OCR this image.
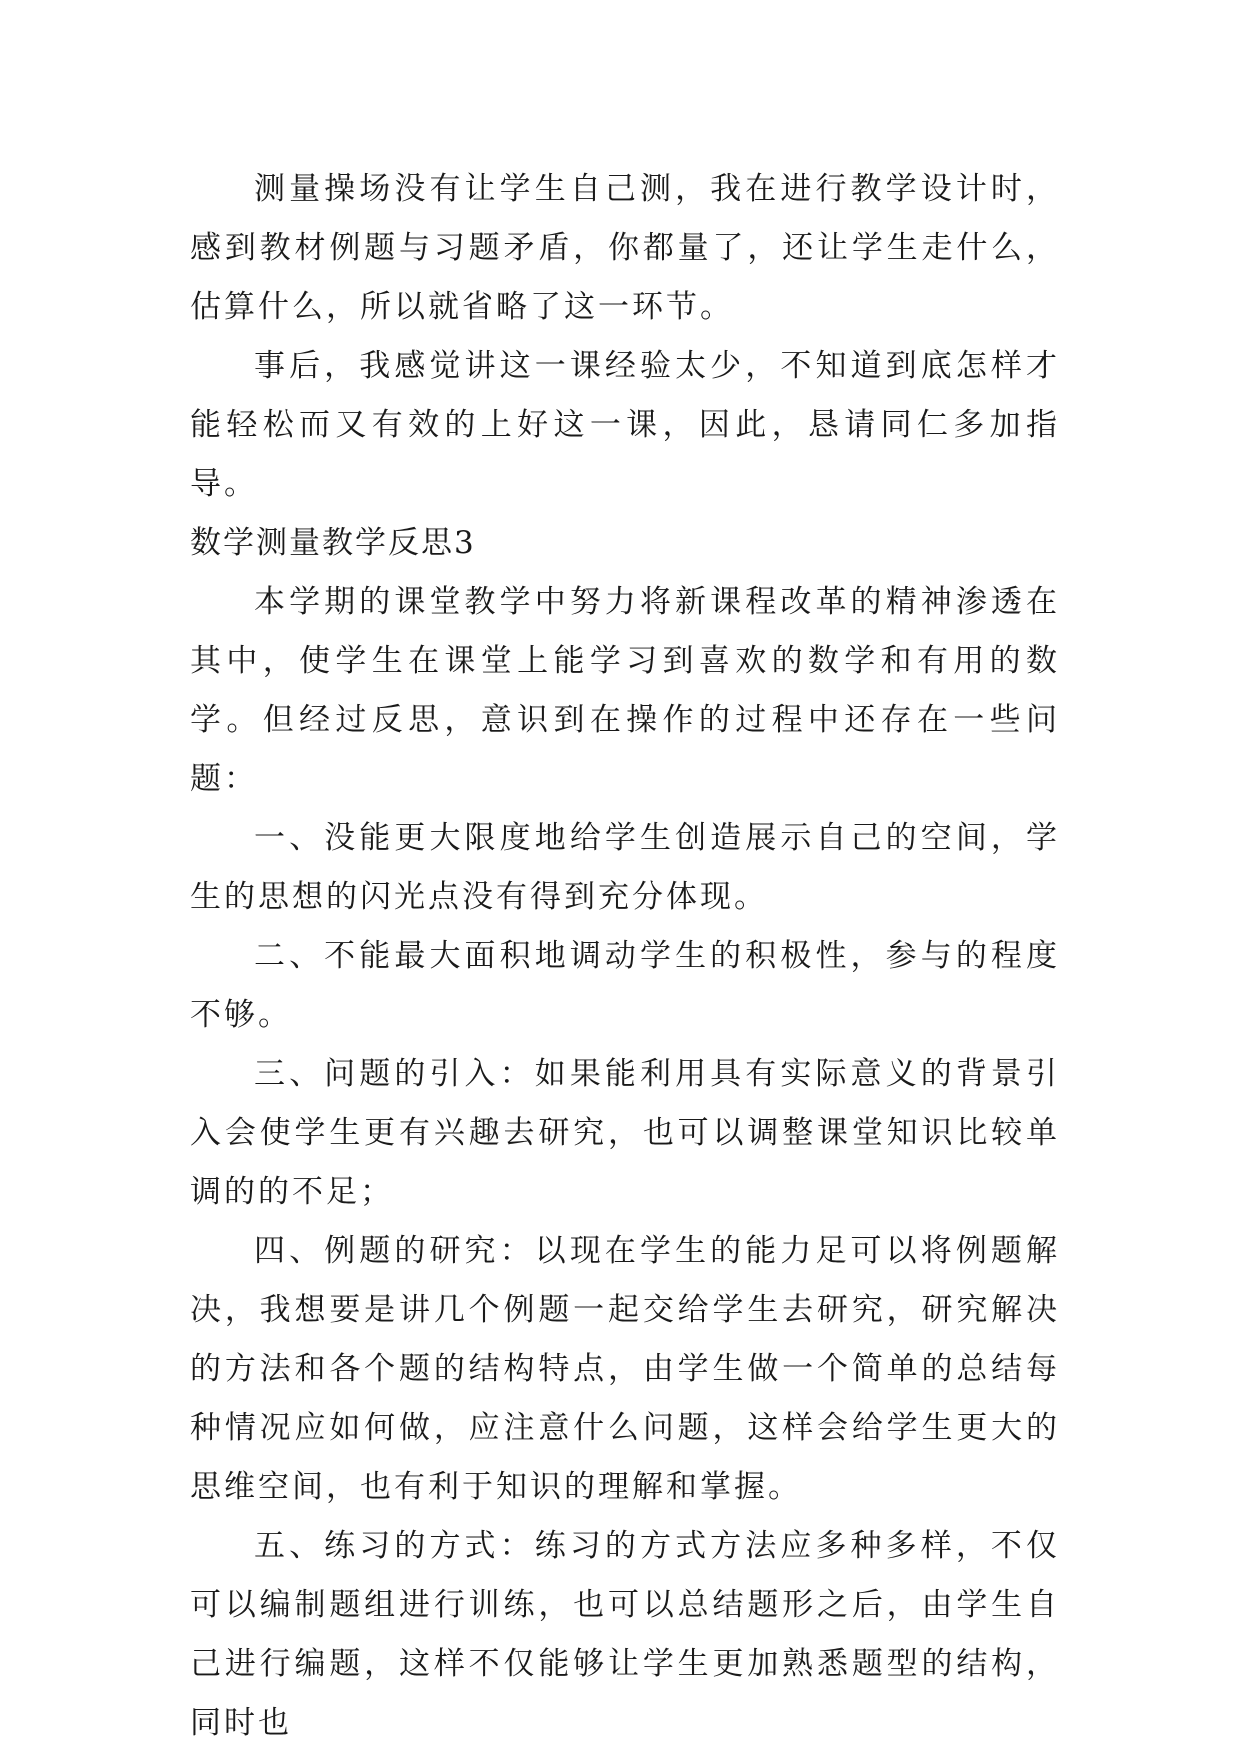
测量操场没有让学生自己测，我在进行教学设计时，感到教材例题与习题矛盾，你都量了，还让学生走什么，估算什么，所以就省略了这一环节。

事后，我感觉讲这一课经验太少，不知道到底怎样才能轻松而又有效的上好这一课，因此，恳请同仁多加指导。

数学测量教学反思3

本学期的课堂教学中努力将新课程改革的精神渗透在其中，使学生在课堂上能学习到喜欢的数学和有用的数学。但经过反思，意识到在操作的过程中还存在一些问题：

一、没能更大限度地给学生创造展示自己的空间，学生的思想的闪光点没有得到充分体现。

二、不能最大面积地调动学生的积极性，参与的程度不够。

三、问题的引入：如果能利用具有实际意义的背景引入会使学生更有兴趣去研究，也可以调整课堂知识比较单调的的不足；

四、例题的研究：以现在学生的能力足可以将例题解决，我想要是讲几个例题一起交给学生去研究，研究解决的方法和各个题的结构特点，由学生做一个简单的总结每种情况应如何做，应注意什么问题，这样会给学生更大的思维空间，也有利于知识的理解和掌握。

五、练习的方式：练习的方式方法应多种多样，不仅可以编制题组进行训练，也可以总结题形之后，由学生自己进行编题，这样不仅能够让学生更加熟悉题型的结构，同时也
